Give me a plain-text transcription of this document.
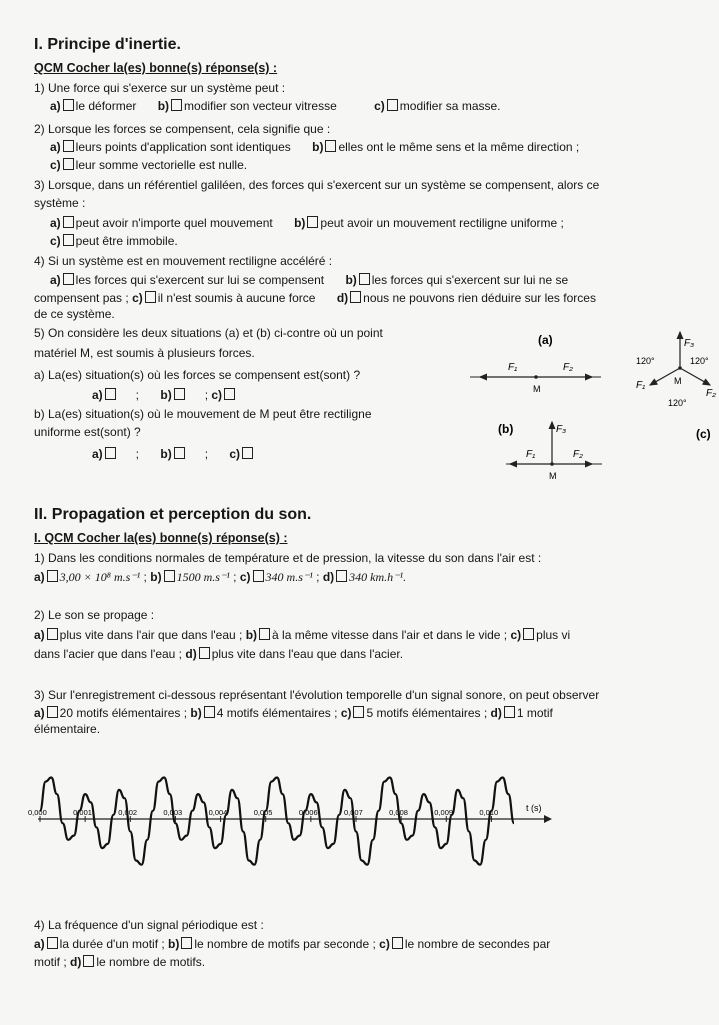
I. Principe d'inertie.
QCM Cocher la(es) bonne(s) réponse(s) :
1) Une force qui s'exerce sur un système peut :
a) le déformer b) modifier son vecteur vitresse	c) modifier sa masse.
2) Lorsque les forces se compensent, cela signifie que :
a) leurs points d'application sont identiques b) elles ont le même sens et la même direction ;
c) leur somme vectorielle est nulle.
3) Lorsque, dans un référentiel galiléen, des forces qui s'exercent sur un système se compensent, alors ce
système :
a) peut avoir n'importe quel mouvement b) peut avoir un mouvement rectiligne uniforme ;
c) peut être immobile.
4) Si un système est en mouvement rectiligne accéléré :
a) les forces qui s'exercent sur lui se compensent b) les forces qui s'exercent sur lui ne se
compensent pas ; c) il n'est soumis à aucune force d) nous ne pouvons rien déduire sur les forces
de ce système.
5) On considère les deux situations (a) et (b) ci-contre où un point
matériel M, est soumis à plusieurs forces.
a) La(es) situation(s) où les forces se compensent est(sont) ?
a)	; b)	; c)
b) La(es) situation(s) où le mouvement de M peut être rectiligne
uniforme est(sont) ?
a)	; b)	; c)
(a)
F₁	F₂
M
(b)
F₁	F₂
F₃
M
(c)
F₃
F₁
F₂
M
120°	120°
120°
II. Propagation et perception du son.
I. QCM Cocher la(es) bonne(s) réponse(s) :
1) Dans les conditions normales de température et de pression, la vitesse du son dans l'air est :
a) 3,00 × 10⁸ m.s⁻¹ ; b) 1500 m.s⁻¹ ; c) 340 m.s⁻¹ ; d) 340 km.h⁻¹.
2) Le son se propage :
a) plus vite dans l'air que dans l'eau ; b) à la même vitesse dans l'air et dans le vide ; c) plus vi
dans l'acier que dans l'eau ; d) plus vite dans l'eau que dans l'acier.
3) Sur l'enregistrement ci-dessous représentant l'évolution temporelle d'un signal sonore, on peut observer
a) 20 motifs élémentaires ; b) 4 motifs élémentaires ; c) 5 motifs élémentaires ; d) 1 motif
élémentaire.
t (s)
0,000	0,001	0,002	0,003	0,004	0,005	0,006	0,007	0,008	0,009	0,010
4) La fréquence d'un signal périodique est :
a) la durée d'un motif ; b) le nombre de motifs par seconde ; c) le nombre de secondes par
motif ; d) le nombre de motifs.
